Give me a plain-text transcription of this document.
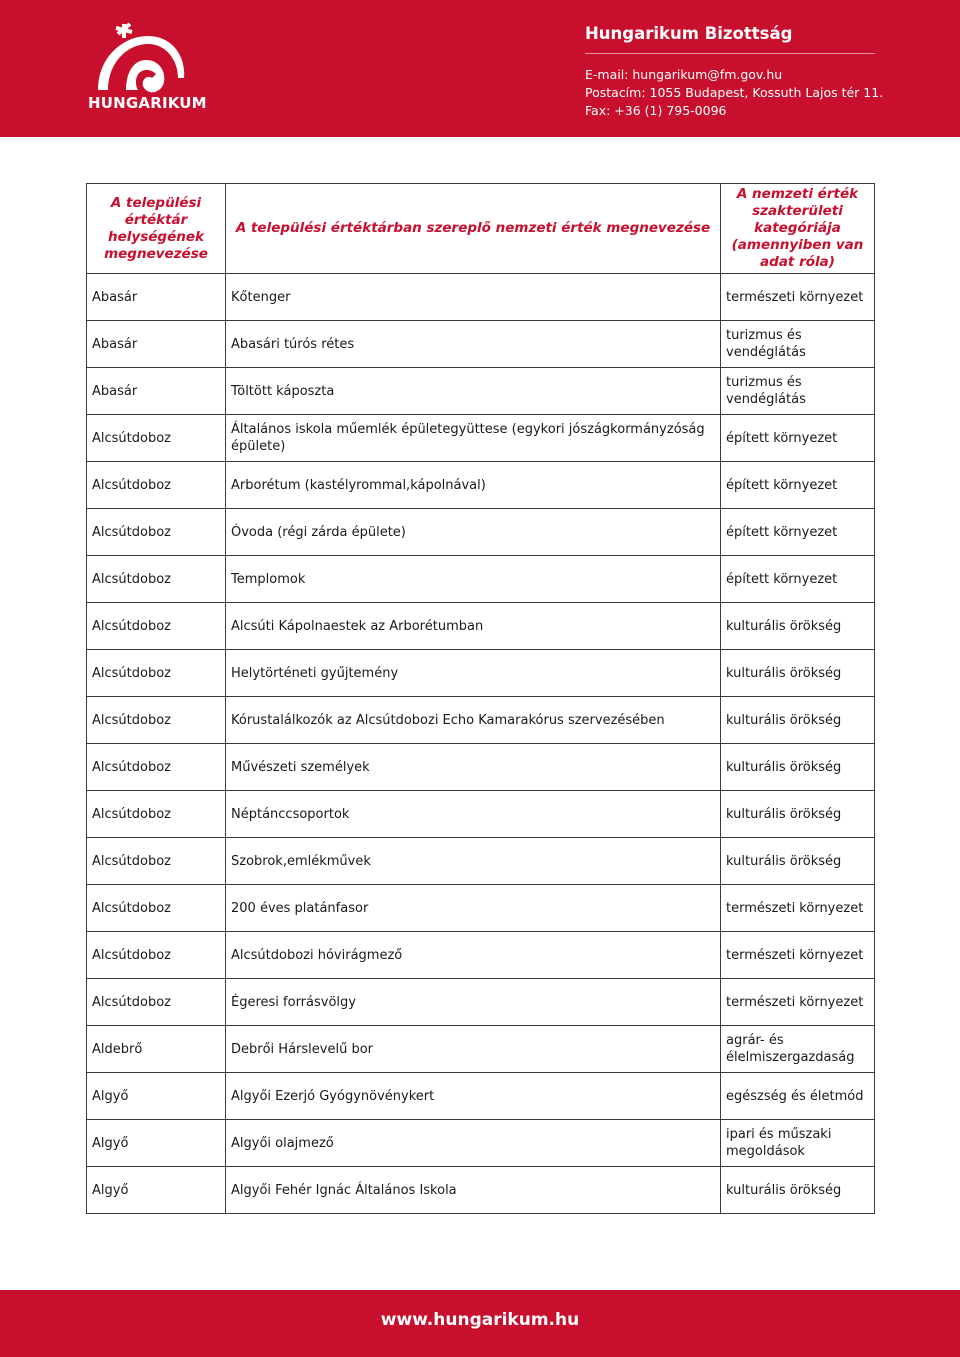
HUNGARIKUM
Hungarikum Bizottság
E-mail: hungarikum@fm.gov.hu
Postacím: 1055 Budapest, Kossuth Lajos tér 11.
Fax: +36 (1) 795-0096
A települési értéktár helységének megnevezése	A települési értéktárban szereplő nemzeti érték megnevezése	A nemzeti érték szakterületi kategóriája (amennyiben van adat róla)
Abasár	Kőtenger	természeti környezet
Abasár	Abasári túrós rétes	turizmus és vendéglátás
Abasár	Töltött káposzta	turizmus és vendéglátás
Alcsútdoboz	Általános iskola műemlék épületegyüttese (egykori jószágkormányzóság épülete)	épített környezet
Alcsútdoboz	Arborétum (kastélyrommal,kápolnával)	épített környezet
Alcsútdoboz	Óvoda (régi zárda épülete)	épített környezet
Alcsútdoboz	Templomok	épített környezet
Alcsútdoboz	Alcsúti Kápolnaestek az Arborétumban	kulturális örökség
Alcsútdoboz	Helytörténeti gyűjtemény	kulturális örökség
Alcsútdoboz	Kórustalálkozók az Alcsútdobozi Echo Kamarakórus szervezésében	kulturális örökség
Alcsútdoboz	Művészeti személyek	kulturális örökség
Alcsútdoboz	Néptánccsoportok	kulturális örökség
Alcsútdoboz	Szobrok,emlékművek	kulturális örökség
Alcsútdoboz	200 éves platánfasor	természeti környezet
Alcsútdoboz	Alcsútdobozi hóvirágmező	természeti környezet
Alcsútdoboz	Égeresi forrásvölgy	természeti környezet
Aldebrő	Debrői Hárslevelű bor	agrár- és élelmiszergazdaság
Algyő	Algyői Ezerjó Gyógynövénykert	egészség és életmód
Algyő	Algyői olajmező	ipari és műszaki megoldások
Algyő	Algyői Fehér Ignác Általános Iskola	kulturális örökség
www.hungarikum.hu
